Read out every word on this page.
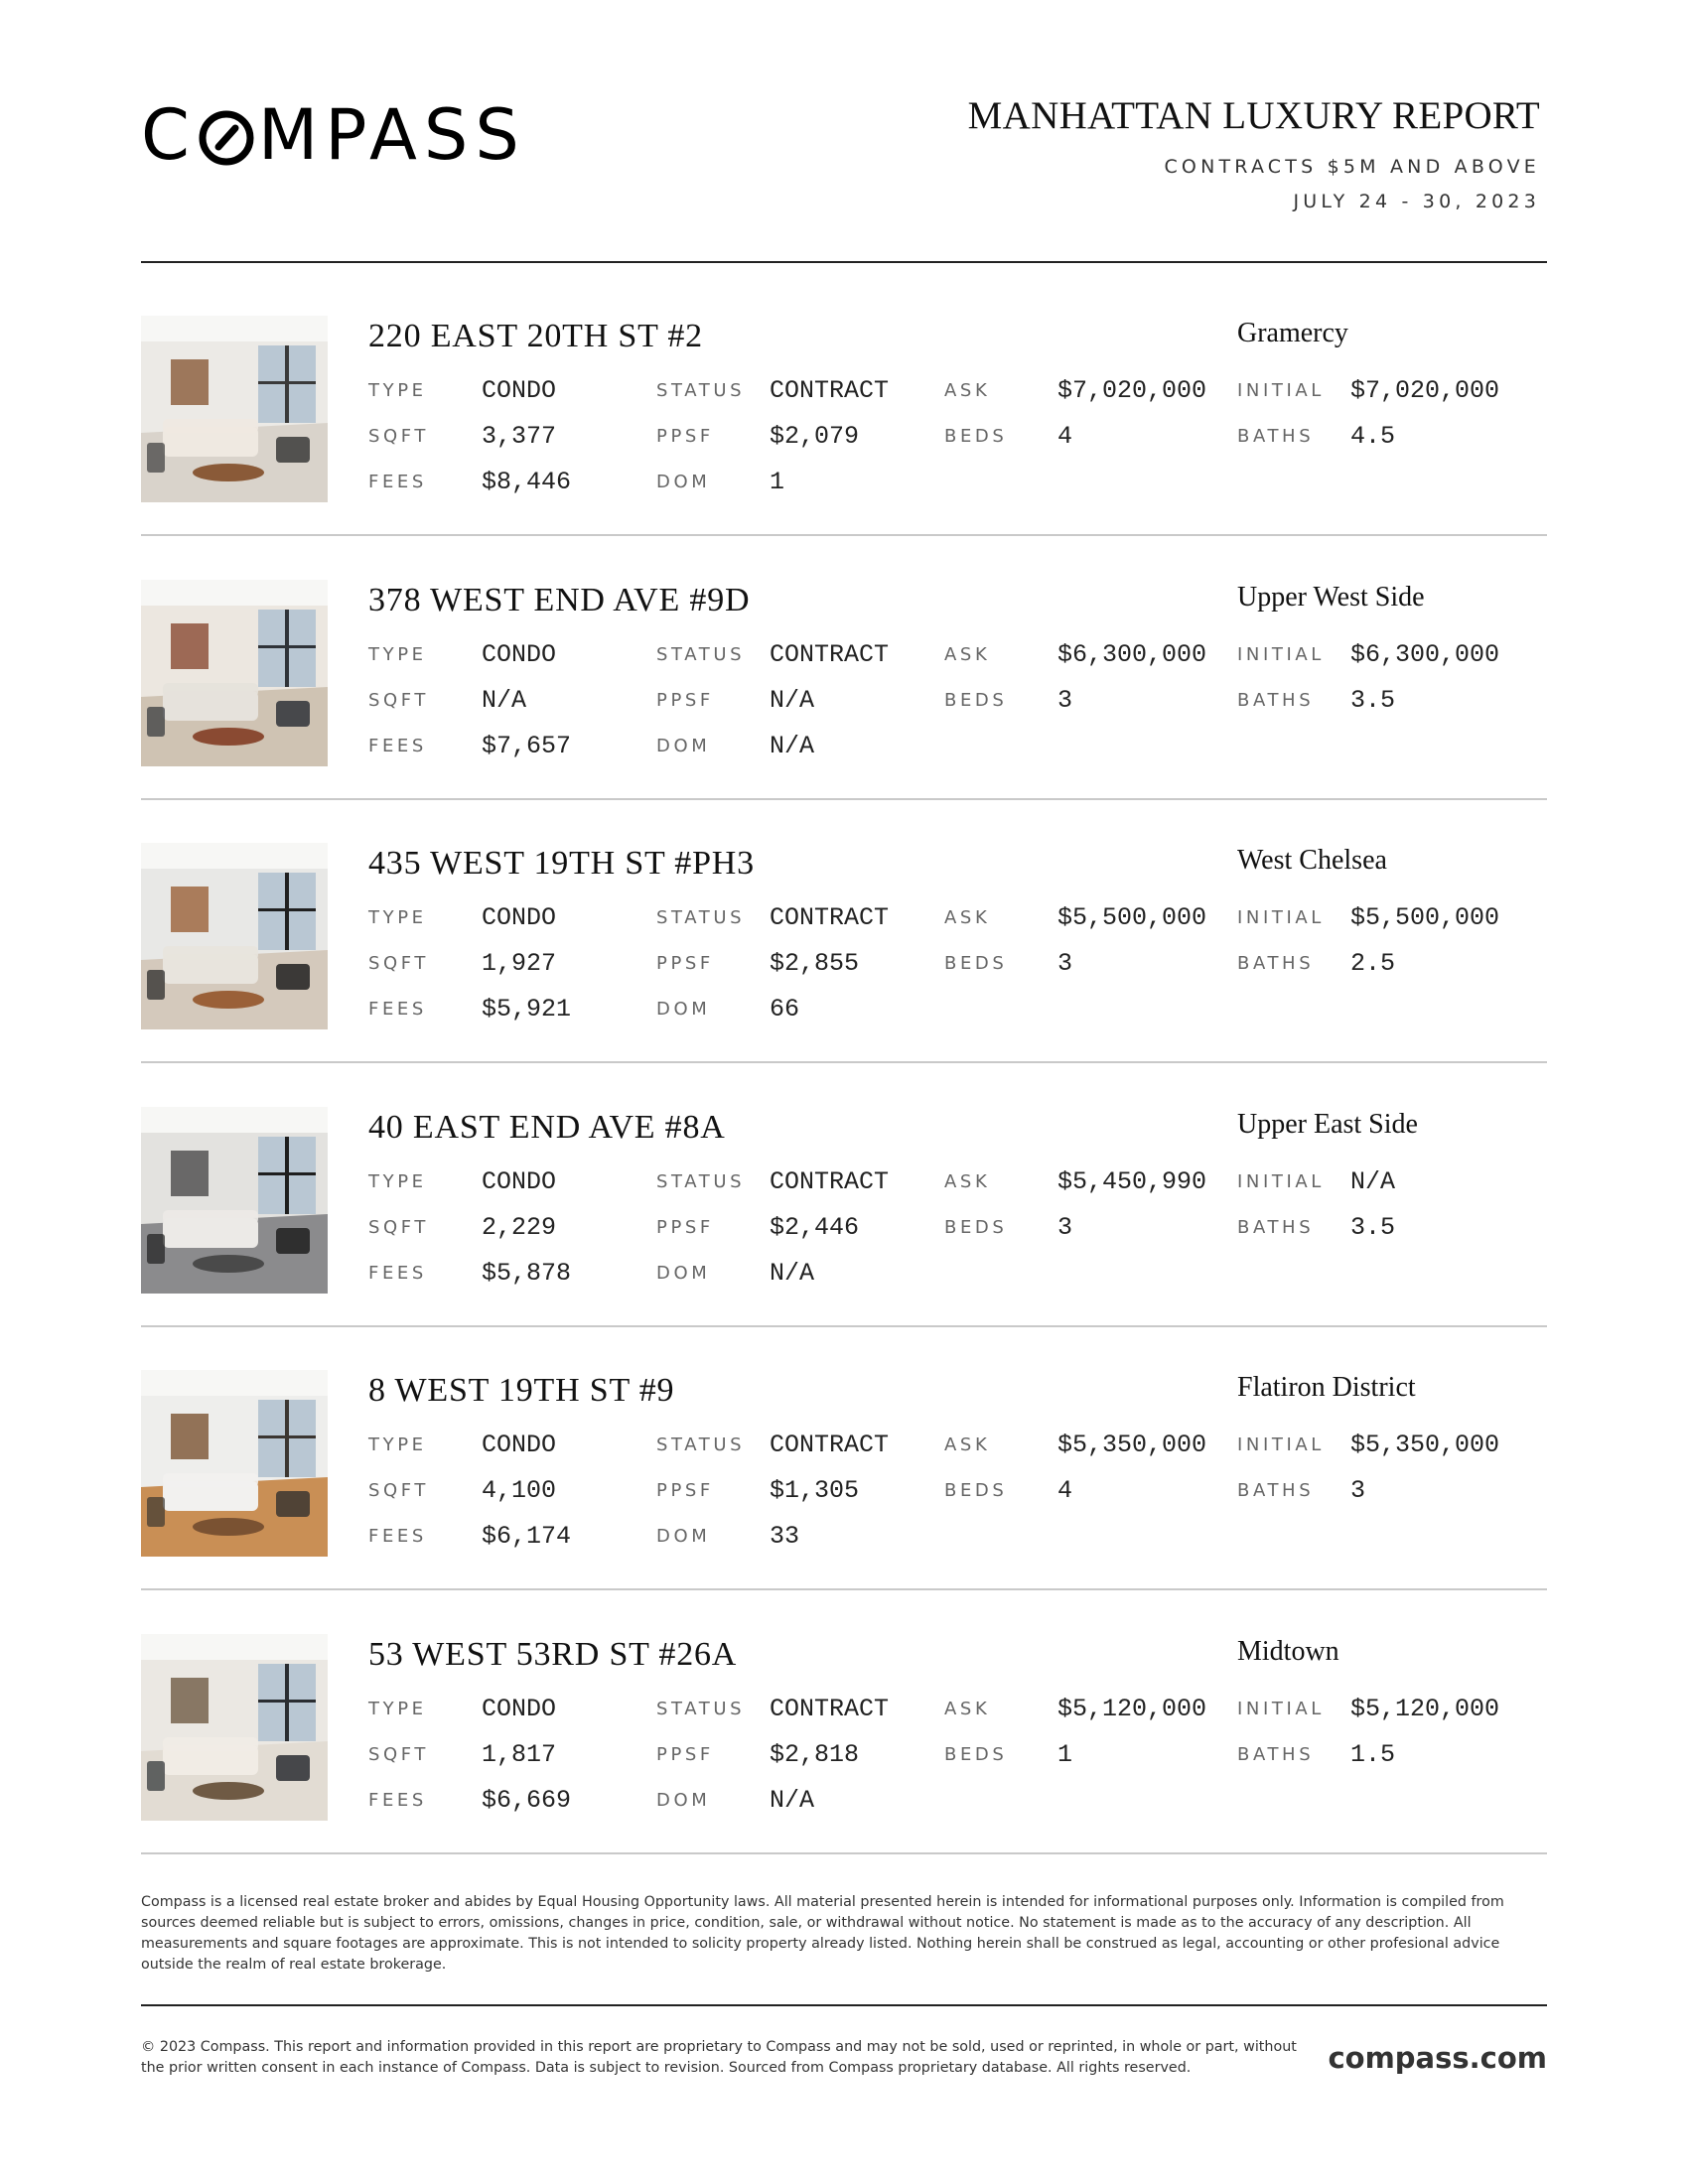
C MPASS	MANHATTAN LUXURY REPORT
CONTRACTS $5M AND ABOVE
JULY 24 - 30, 2023
220 EAST 20TH ST #2	Gramercy
TYPE CONDO	STATUS CONTRACT	ASK	$7,020,000 INITIAL $7,020,000
SQFT 3,377	PPSF $2,079	BEDS 4	BATHS 4.5
FEES $8,446	DOM 1
378 WEST END AVE #9D	Upper West Side
TYPE CONDO	STATUS CONTRACT	ASK	$6,300,000 INITIAL $6,300,000
SQFT N/A	PPSF N/A	BEDS 3	BATHS 3.5
FEES $7,657	DOM N/A
435 WEST 19TH ST #PH3	West Chelsea
TYPE CONDO	STATUS CONTRACT	ASK	$5,500,000 INITIAL $5,500,000
SQFT 1,927	PPSF $2,855	BEDS 3	BATHS 2.5
FEES $5,921	DOM 66
40 EAST END AVE #8A	Upper East Side
TYPE CONDO	STATUS CONTRACT	ASK	$5,450,990 INITIAL N/A
SQFT 2,229	PPSF $2,446	BEDS 3	BATHS 3.5
FEES $5,878	DOM N/A
8 WEST 19TH ST #9	Flatiron District
TYPE CONDO	STATUS CONTRACT	ASK	$5,350,000 INITIAL $5,350,000
SQFT 4,100	PPSF $1,305	BEDS 4	BATHS 3
FEES $6,174	DOM 33
53 WEST 53RD ST #26A	Midtown
TYPE CONDO	STATUS CONTRACT	ASK	$5,120,000 INITIAL $5,120,000
SQFT 1,817	PPSF $2,818	BEDS 1	BATHS 1.5
FEES $6,669	DOM N/A
Compass is a licensed real estate broker and abides by Equal Housing Opportunity laws. All material presented herein is intended for informational purposes only. Information is compiled from sources deemed reliable but is subject to errors, omissions, changes in price, condition, sale, or withdrawal without notice. No statement is made as to the accuracy of any description. All measurements and square footages are approximate. This is not intended to solicity property already listed. Nothing herein shall be construed as legal, accounting or other profesional advice outside the realm of real estate brokerage.
© 2023 Compass. This report and information provided in this report are proprietary to Compass and may not be sold, used or reprinted, in whole or part, without the prior written consent in each instance of Compass. Data is subject to revision. Sourced from Compass proprietary database. All rights reserved.	compass.com
